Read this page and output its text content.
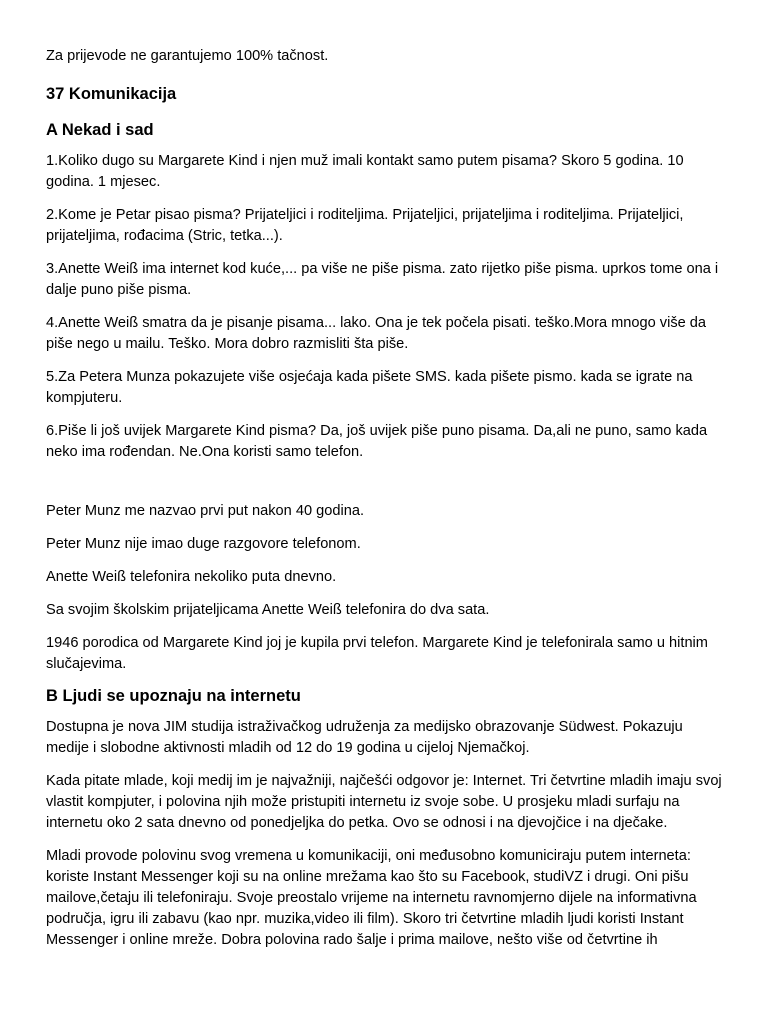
Za prijevode ne garantujemo 100% tačnost.

37 Komunikacija
A Nekad i sad

1.Koliko dugo su Margarete Kind i njen muž imali kontakt samo putem pisama? Skoro 5 godina. 10 godina. 1 mjesec.

2.Kome je Petar pisao pisma? Prijateljici i roditeljima. Prijateljici, prijateljima i roditeljima. Prijateljici, prijateljima, rođacima (Stric, tetka...).

3.Anette Weiß ima internet kod kuće,... pa više ne piše pisma. zato rijetko piše pisma. uprkos tome ona i dalje puno piše pisma.

4.Anette Weiß smatra da je pisanje pisama... lako. Ona je tek počela pisati. teško.Mora mnogo više da piše nego u mailu. Teško. Mora dobro razmisliti šta piše.

5.Za Petera Munza pokazujete više osjećaja kada pišete SMS. kada pišete pismo. kada se igrate na kompjuteru.

6.Piše li još uvijek Margarete Kind pisma? Da, još uvijek piše puno pisama. Da,ali ne puno, samo kada neko ima rođendan. Ne.Ona koristi samo telefon.

Peter Munz me nazvao prvi put nakon 40 godina.

Peter Munz nije imao duge razgovore telefonom.

Anette Weiß telefonira nekoliko puta dnevno.

Sa svojim školskim prijateljicama Anette Weiß telefonira do dva sata.

1946 porodica od Margarete Kind joj je kupila prvi telefon. Margarete Kind je telefonirala samo u hitnim slučajevima.

B Ljudi se upoznaju na internetu

Dostupna je nova JIM studija istraživačkog udruženja za medijsko obrazovanje Südwest. Pokazuju medije i slobodne aktivnosti mladih od 12 do 19 godina u cijeloj Njemačkoj.

Kada pitate mlade, koji medij im je najvažniji, najčešći odgovor je: Internet. Tri četvrtine mladih imaju svoj vlastit kompjuter, i polovina njih može pristupiti internetu iz svoje sobe. U prosjeku mladi surfaju na internetu oko 2 sata dnevno od ponedjeljka do petka. Ovo se odnosi i na djevojčice i na dječake.

Mladi provode polovinu svog vremena u komunikaciji, oni međusobno komuniciraju putem interneta: koriste Instant Messenger koji su na online mrežama kao što su Facebook, studiVZ i drugi. Oni pišu mailove,četaju ili telefoniraju. Svoje preostalo vrijeme na internetu ravnomjerno dijele na informativna područja, igru ili zabavu (kao npr. muzika,video ili film). Skoro tri četvrtine mladih ljudi koristi Instant Messenger i online mreže. Dobra polovina rado šalje i prima mailove, nešto više od četvrtine ih
